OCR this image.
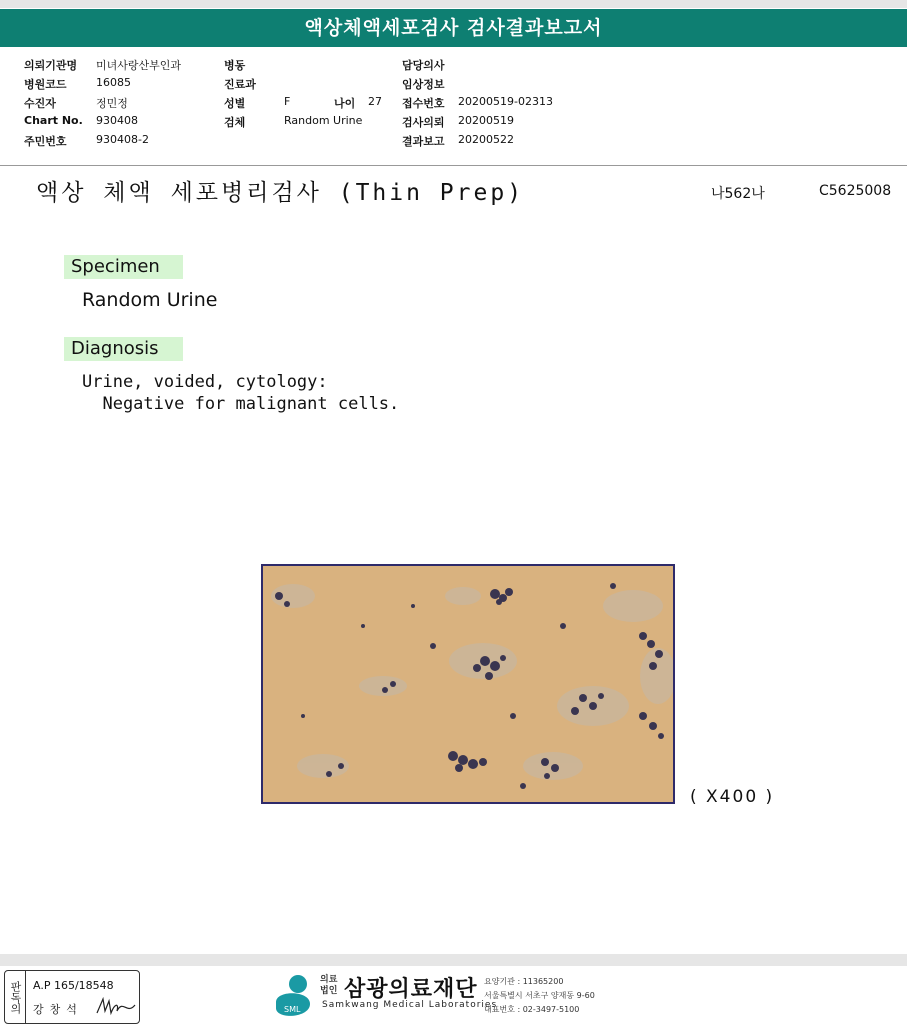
액상체액세포검사 검사결과보고서
의뢰기관명	미녀사랑산부인과
병원코드	16085
수진자	정민정
Chart No.	930408
주민번호	930408-2
병동
진료과
성별	F	나이	27
검체	Random Urine
담당의사
임상정보
접수번호	20200519-02313
검사의뢰	20200519
결과보고	20200522
액상 체액 세포병리검사 (Thin Prep)	나562나	C5625008
Specimen
Random Urine
Diagnosis
Urine, voided, cytology:
Negative for malignant cells.
( X400 )
판독의	A.P 165/18548
강창석	SML
의료
법인 삼광의료재단
Samkwang Medical Laboratories
요양기관 : 11365200
서울특별시 서초구 양재동 9-60
대표번호 : 02-3497-5100
